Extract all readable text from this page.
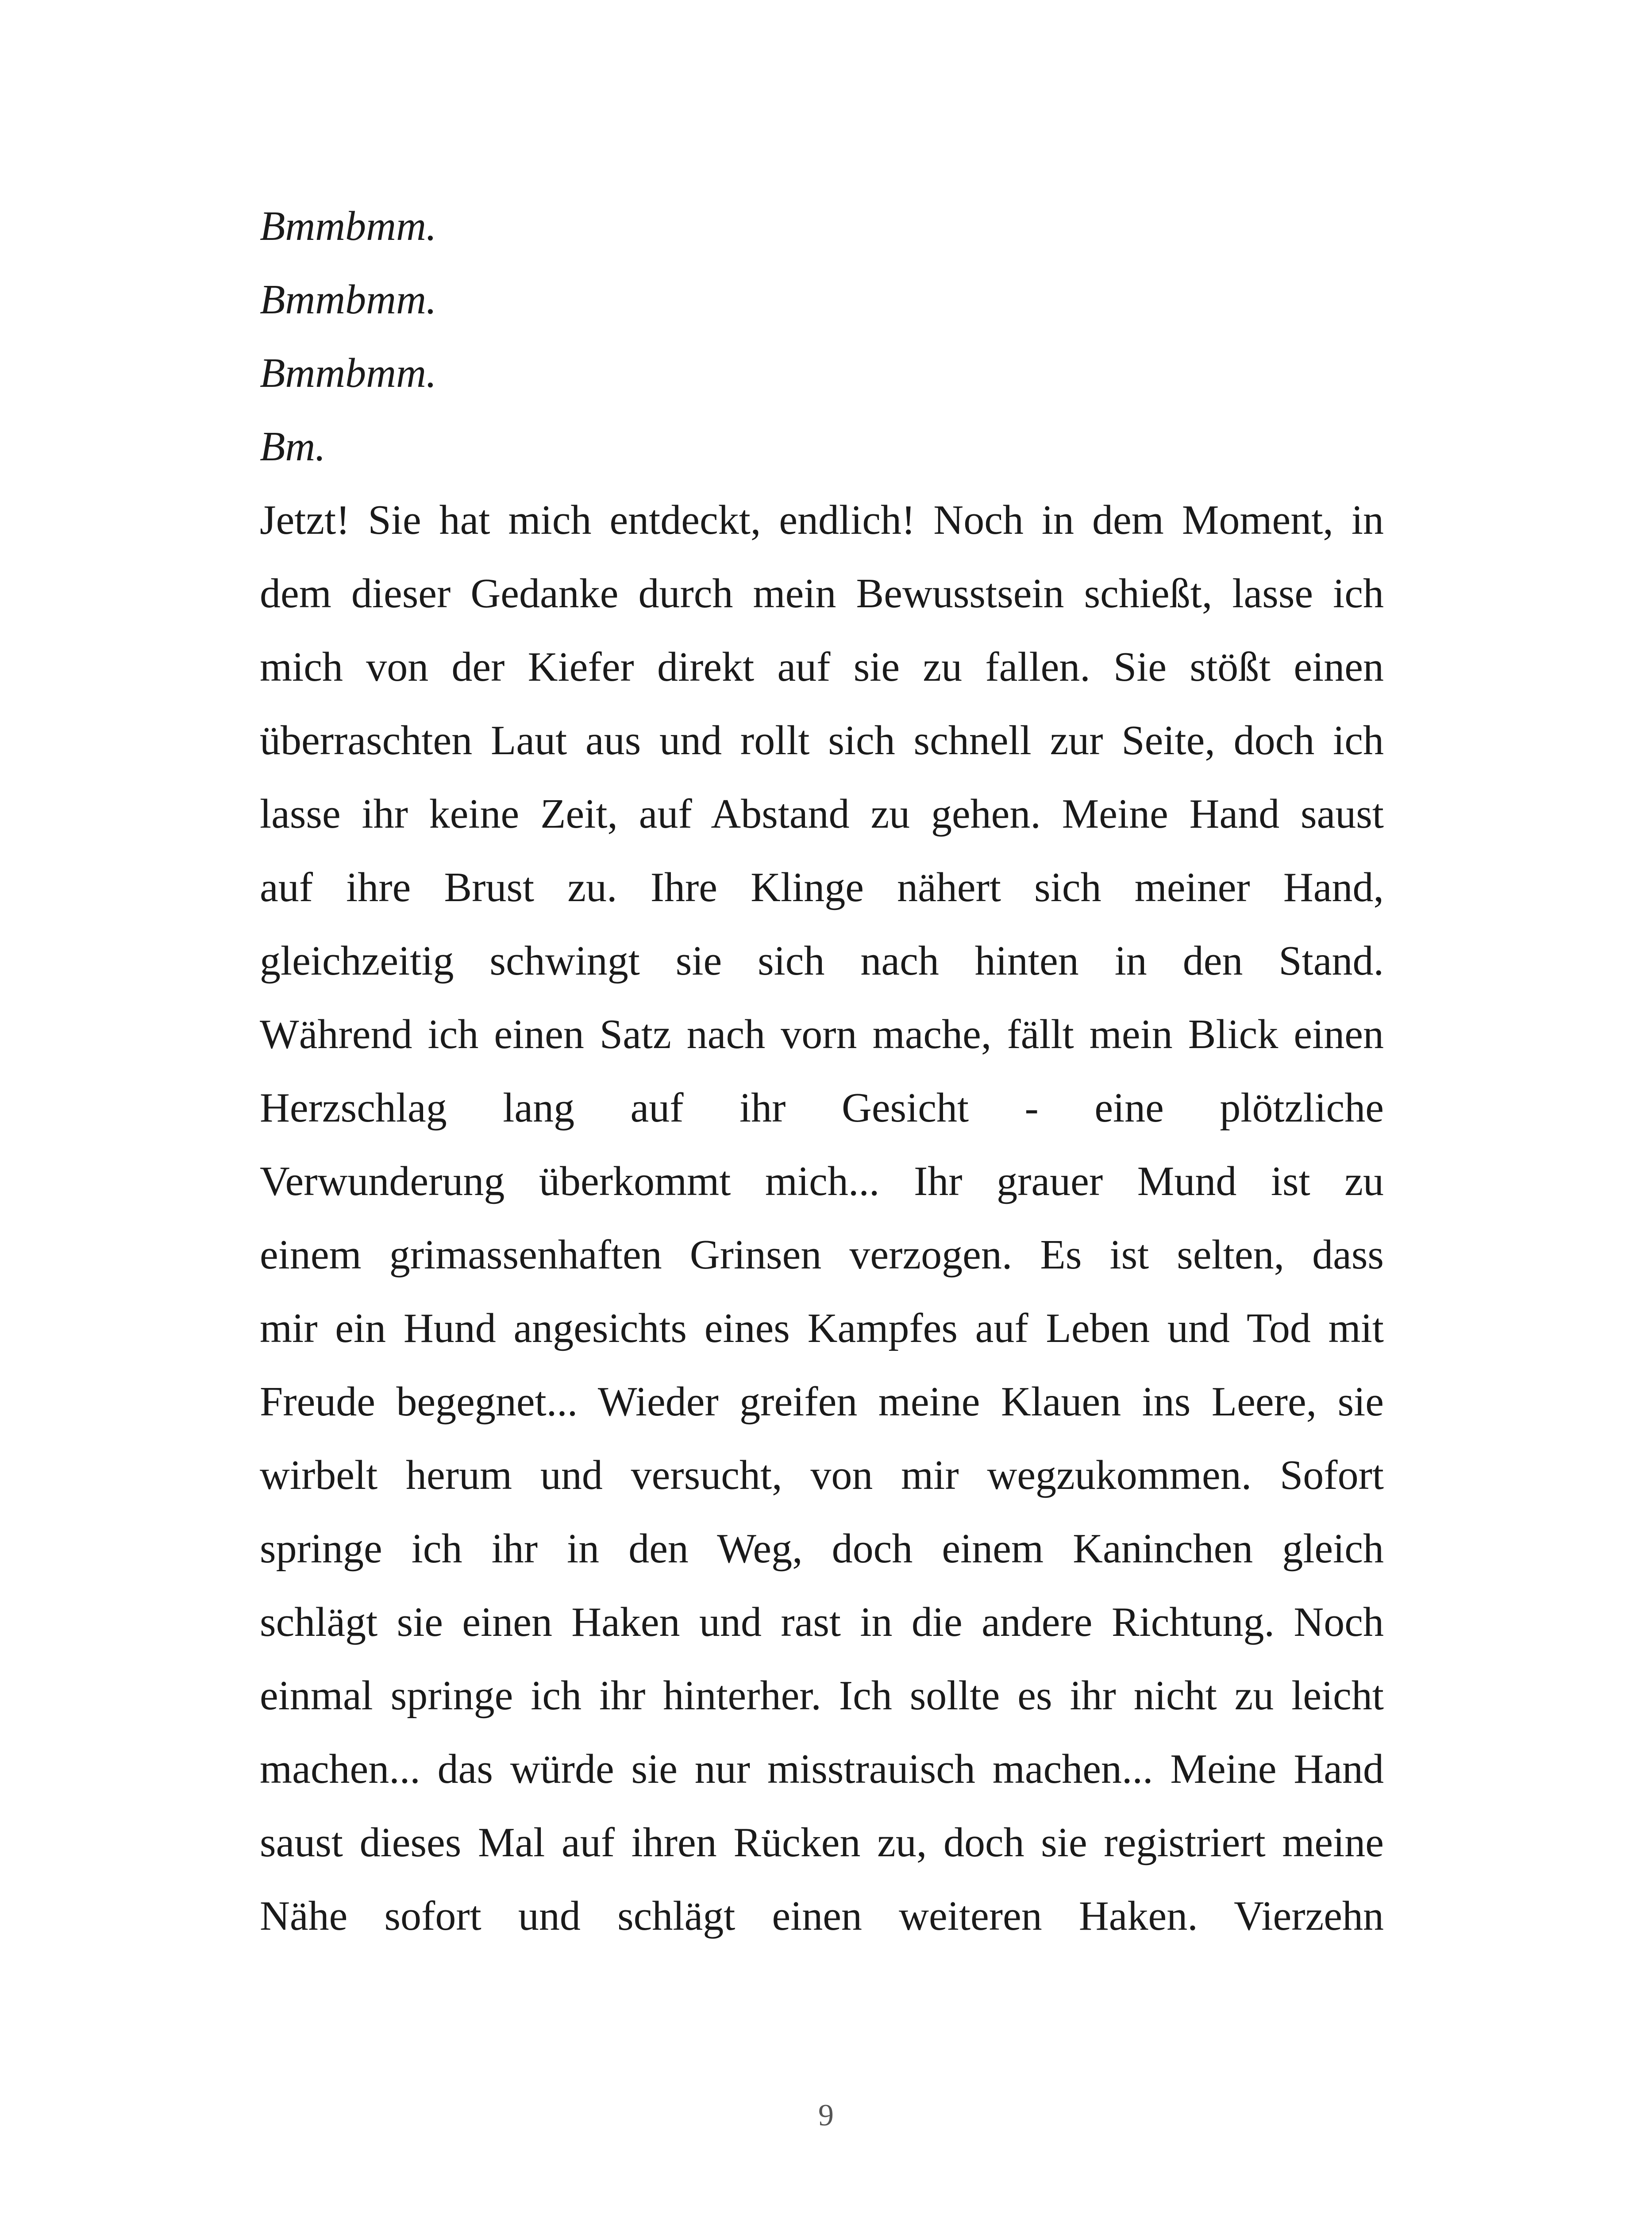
Bmmbmm.
Bmmbmm.
Bmmbmm.
Bm.
Jetzt! Sie hat mich entdeckt, endlich! Noch in dem Moment, in
dem dieser Gedanke durch mein Bewusstsein schießt, lasse ich
mich von der Kiefer direkt auf sie zu fallen. Sie stößt einen
überraschten Laut aus und rollt sich schnell zur Seite, doch ich
lasse ihr keine Zeit, auf Abstand zu gehen. Meine Hand saust
auf ihre Brust zu. Ihre Klinge nähert sich meiner Hand,
gleichzeitig schwingt sie sich nach hinten in den Stand.
Während ich einen Satz nach vorn mache, fällt mein Blick einen
Herzschlag lang auf ihr Gesicht - eine plötzliche
Verwunderung überkommt mich... Ihr grauer Mund ist zu
einem grimassenhaften Grinsen verzogen. Es ist selten, dass
mir ein Hund angesichts eines Kampfes auf Leben und Tod mit
Freude begegnet... Wieder greifen meine Klauen ins Leere, sie
wirbelt herum und versucht, von mir wegzukommen. Sofort
springe ich ihr in den Weg, doch einem Kaninchen gleich
schlägt sie einen Haken und rast in die andere Richtung. Noch
einmal springe ich ihr hinterher. Ich sollte es ihr nicht zu leicht
machen... das würde sie nur misstrauisch machen... Meine Hand
saust dieses Mal auf ihren Rücken zu, doch sie registriert meine
Nähe sofort und schlägt einen weiteren Haken. Vierzehn
9
